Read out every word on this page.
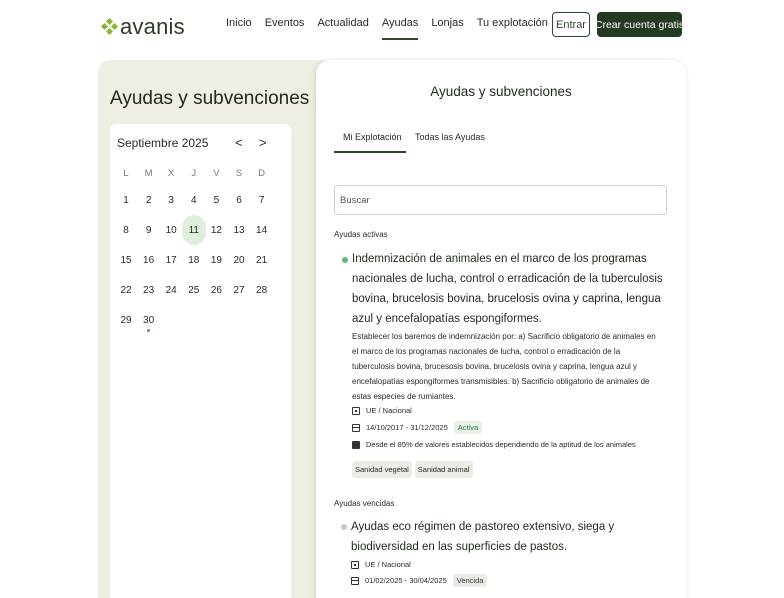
avanis	Inicio Eventos Actualidad Ayudas Lonjas Tu explotación Entrar Crear cuenta gratis
Ayudas y subvenciones
Septiembre 2025 < >
L	M	X	J	V	S	D
1	2	3	4	5	6	7
8	9	10	11	12	13	14
15	16	17	18	19	20	21
22	23	24	25	26	27	28
29	30
Ayudas y subvenciones
Mi Explotación Todas las Ayudas
Buscar
Ayudas activas
Indemnización de animales en el marco de los programas nacionales de lucha, control o erradicación de la tuberculosis bovina, brucelosis bovina, brucelosis ovina y caprina, lengua azul y encefalopatías espongiformes.
Establecer los baremos de indemnización por: a) Sacrificio obligatorio de animales en el marco de los programas nacionales de lucha, control o erradicación de la tuberculosis bovina, brucesosis bovina, brucelosis ovina y caprina, lengua azul y encefalopatías espongiformes transmisibles. b) Sacrificio obligatorio de animales de estas especies de rumiantes.
UE / Nacional
14/10/2017 - 31/12/2025	Activa
Desde el 85% de valores establecidos dependiendo de la aptitud de los animales
Sanidad vegetal	Sanidad animal
Ayudas vencidas
Ayudas eco régimen de pastoreo extensivo, siega y biodiversidad en las superficies de pastos.
UE / Nacional
01/02/2025 - 30/04/2025	Vencida
